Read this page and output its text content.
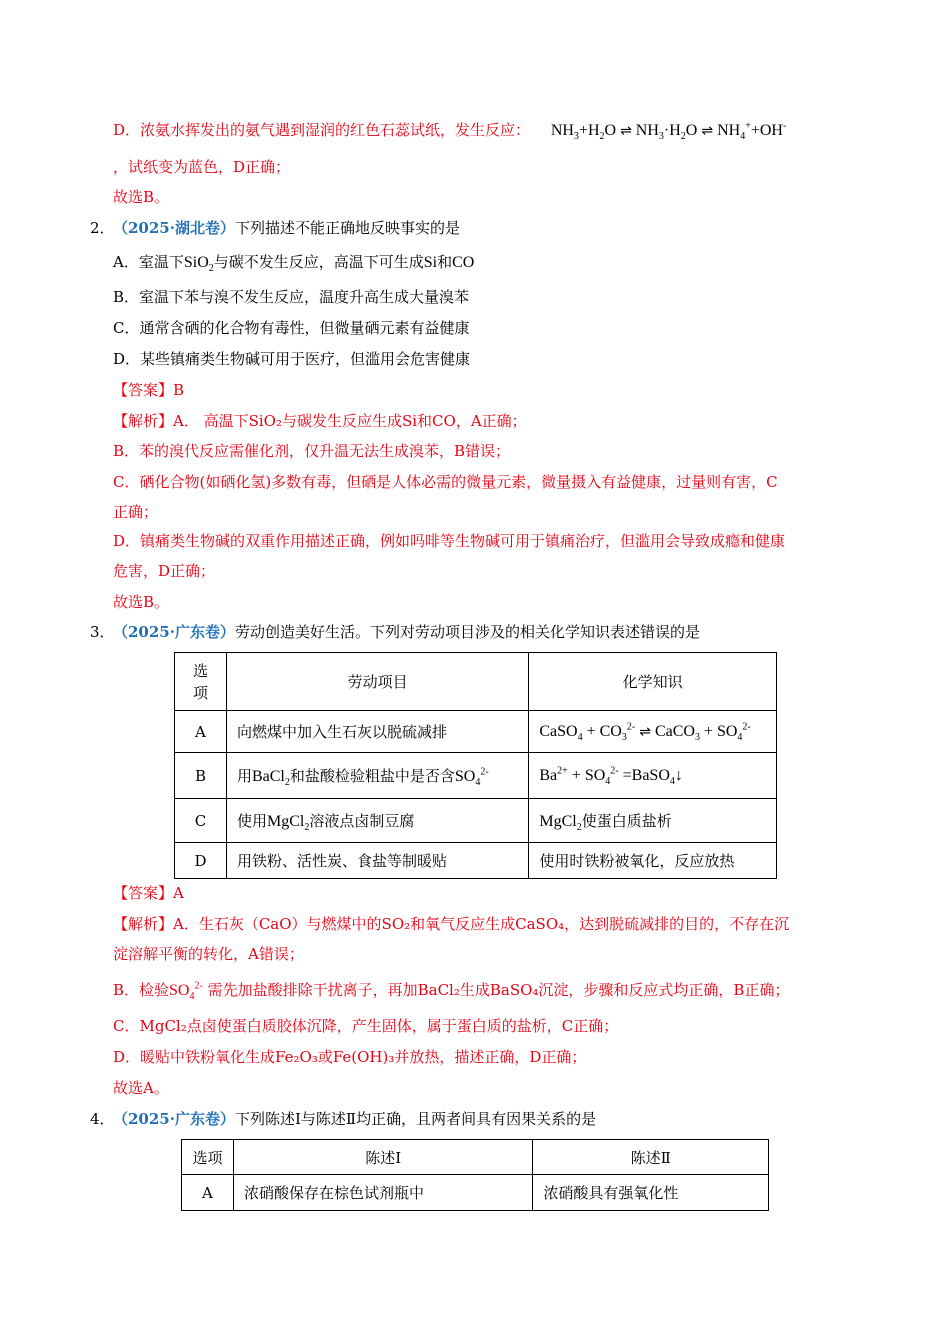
D．浓氨水挥发出的氨气遇到湿润的红色石蕊试纸，发生反应： $NH_3+H_2O$ ⇌ $NH_3\cdot H_2O$ ⇌ $NH_4^++OH^-$
，试纸变为蓝色，D正确；
故选B。
2．
（2025·湖北卷）下列描述不能正确地反映事实的是
A．室温下SiO$_2$与碳不发生反应，高温下可生成Si和CO
B．室温下苯与溴不发生反应，温度升高生成大量溴苯
C．通常含硒的化合物有毒性，但微量硒元素有益健康
D．某些镇痛类生物碱可用于医疗，但滥用会危害健康
【答案】B
【解析】A． 高温下SiO₂与碳发生反应生成Si和CO，A正确；
B．苯的溴代反应需催化剂，仅升温无法生成溴苯，B错误；
C．硒化合物(如硒化氢)多数有毒，但硒是人体必需的微量元素，微量摄入有益健康，过量则有害，C
正确；
D．镇痛类生物碱的双重作用描述正确，例如吗啡等生物碱可用于镇痛治疗，但滥用会导致成瘾和健康
危害，D正确；
故选B。
3．
（2025·广东卷）劳动创造美好生活。下列对劳动项目涉及的相关化学知识表述错误的是
选
项	劳动项目	化学知识
A	向燃煤中加入生石灰以脱硫减排	CaSO$_4$ + $CO_3^{2-}$ ⇌ CaCO$_3$ + $SO_4^{2-}$
B	用BaCl$_2$和盐酸检验粗盐中是否含$SO_4^{2-}$	$Ba^{2+} + SO_4^{2-}$ =BaSO$_4$↓
C	使用MgCl$_2$溶液点卤制豆腐	MgCl$_2$使蛋白质盐析
D	用铁粉、活性炭、食盐等制暖贴	使用时铁粉被氧化，反应放热
【答案】A
【解析】A．生石灰（CaO）与燃煤中的SO₂和氧气反应生成CaSO₄，达到脱硫减排的目的，不存在沉
淀溶解平衡的转化，A错误；
B．检验$SO_4^{2-}$ 需先加盐酸排除干扰离子，再加BaCl₂生成BaSO₄沉淀，步骤和反应式均正确，B正确；
C．MgCl₂点卤使蛋白质胶体沉降，产生固体，属于蛋白质的盐析，C正确；
D．暖贴中铁粉氧化生成Fe₂O₃或Fe(OH)₃并放热，描述正确，D正确；
故选A。
4．
（2025·广东卷）下列陈述Ⅰ与陈述Ⅱ均正确，且两者间具有因果关系的是
选项	陈述Ⅰ	陈述Ⅱ
A	浓硝酸保存在棕色试剂瓶中	浓硝酸具有强氧化性
